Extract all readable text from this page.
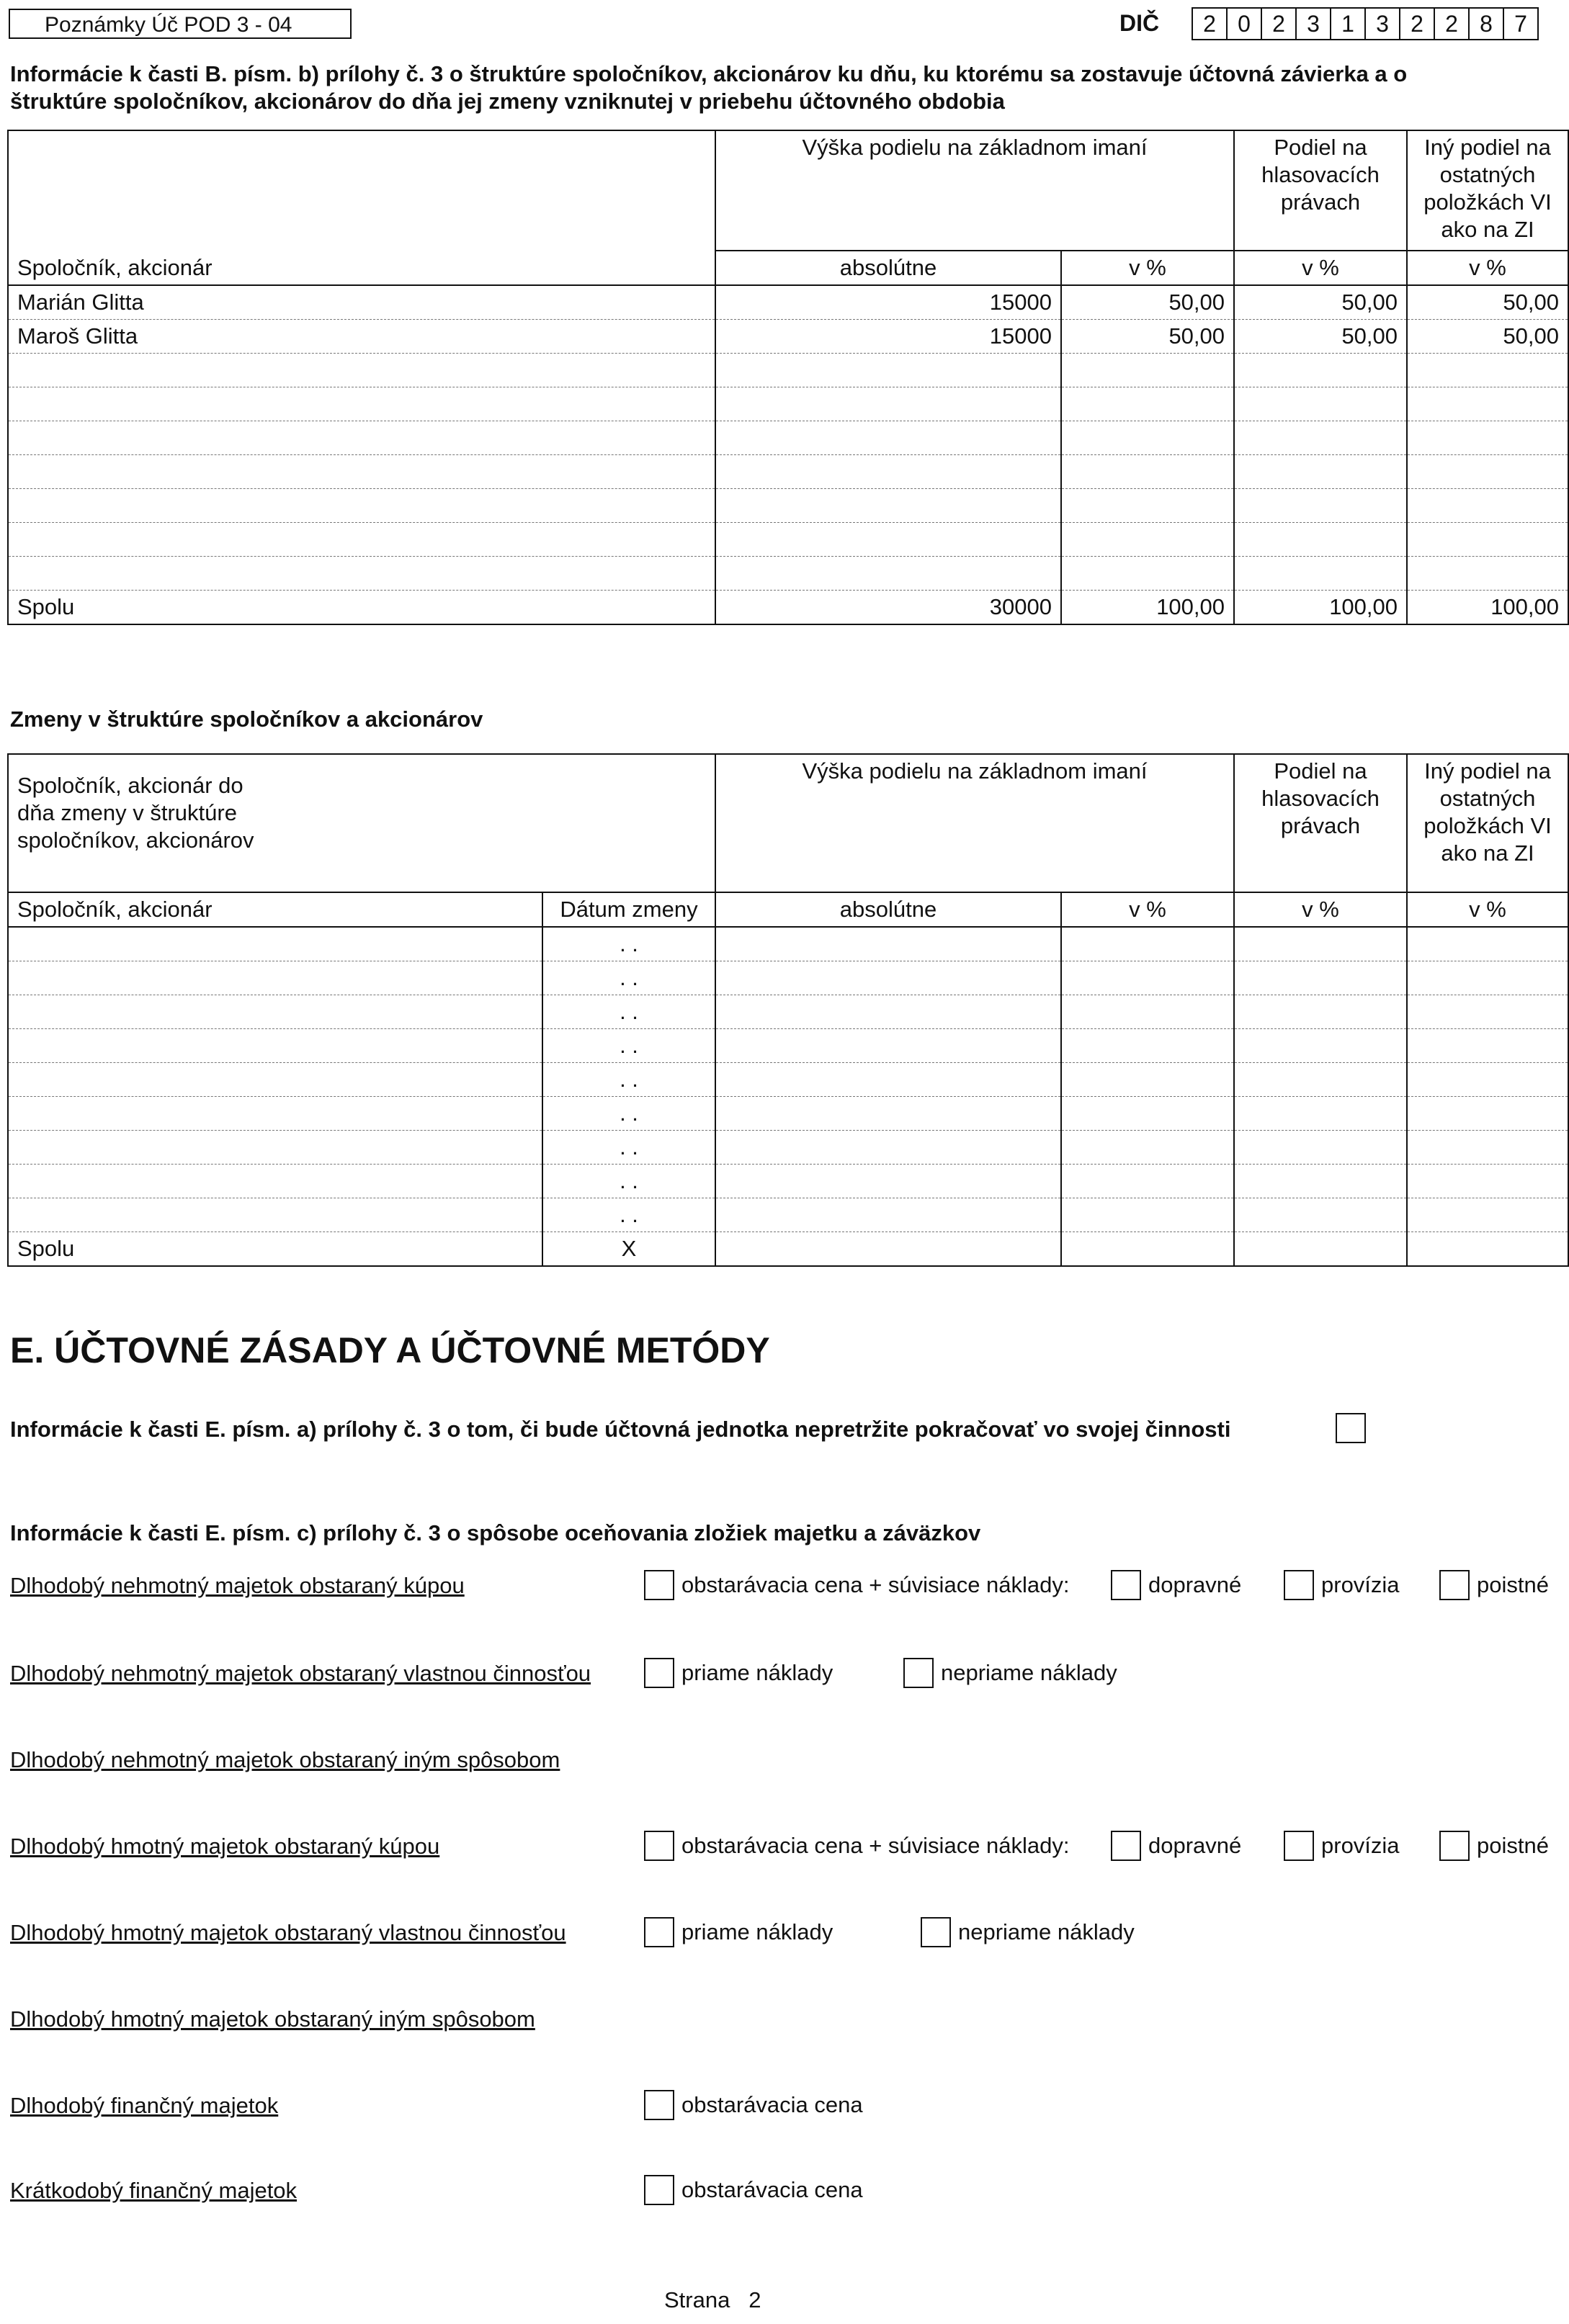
Poznámky Úč POD 3 - 04	DIČ	2 0 2 3 1 3 2 2 8 7
Informácie k časti B. písm. b) prílohy č. 3 o štruktúre spoločníkov, akcionárov ku dňu, ku ktorému sa zostavuje účtovná závierka a o
štruktúre spoločníkov, akcionárov do dňa jej zmeny vzniknutej v priebehu účtovného obdobia
	Výška podielu na základnom imaní		Podiel na hlasovacích právach	Iný podiel na ostatných položkách VI ako na ZI
Spoločník, akcionár	absolútne	v %	v %	v %
Marián Glitta	15000	50,00	50,00	50,00
Maroš Glitta	15000	50,00	50,00	50,00

Spolu	30000	100,00	100,00	100,00
Zmeny v štruktúre spoločníkov a akcionárov
Spoločník, akcionár do dňa zmeny v štruktúre spoločníkov, akcionárov		Výška podielu na základnom imaní		Podiel na hlasovacích právach	Iný podiel na ostatných položkách VI ako na ZI
Spoločník, akcionár	Dátum zmeny	absolútne	v %	v %	v %
	. .				
	. .				
	. .				
	. .				
	. .				
	. .				
	. .				
	. .				
	. .				
Spolu	X				
E. ÚČTOVNÉ ZÁSADY A ÚČTOVNÉ METÓDY
Informácie k časti E. písm. a) prílohy č. 3 o tom, či bude účtovná jednotka nepretržite pokračovať vo svojej činnosti
Informácie k časti E. písm. c) prílohy č. 3 o spôsobe oceňovania zložiek majetku a záväzkov
Dlhodobý nehmotný majetok obstaraný kúpou	obstarávacia cena + súvisiace náklady:	dopravné	provízia	poistné
Dlhodobý nehmotný majetok obstaraný vlastnou činnosťou	priame náklady	nepriame náklady
Dlhodobý nehmotný majetok obstaraný iným spôsobom
Dlhodobý hmotný majetok obstaraný kúpou	obstarávacia cena + súvisiace náklady:	dopravné	provízia	poistné
Dlhodobý hmotný majetok obstaraný vlastnou činnosťou	priame náklady	nepriame náklady
Dlhodobý hmotný majetok obstaraný iným spôsobom
Dlhodobý finančný majetok	obstarávacia cena
Krátkodobý finančný majetok	obstarávacia cena
Strana 2
